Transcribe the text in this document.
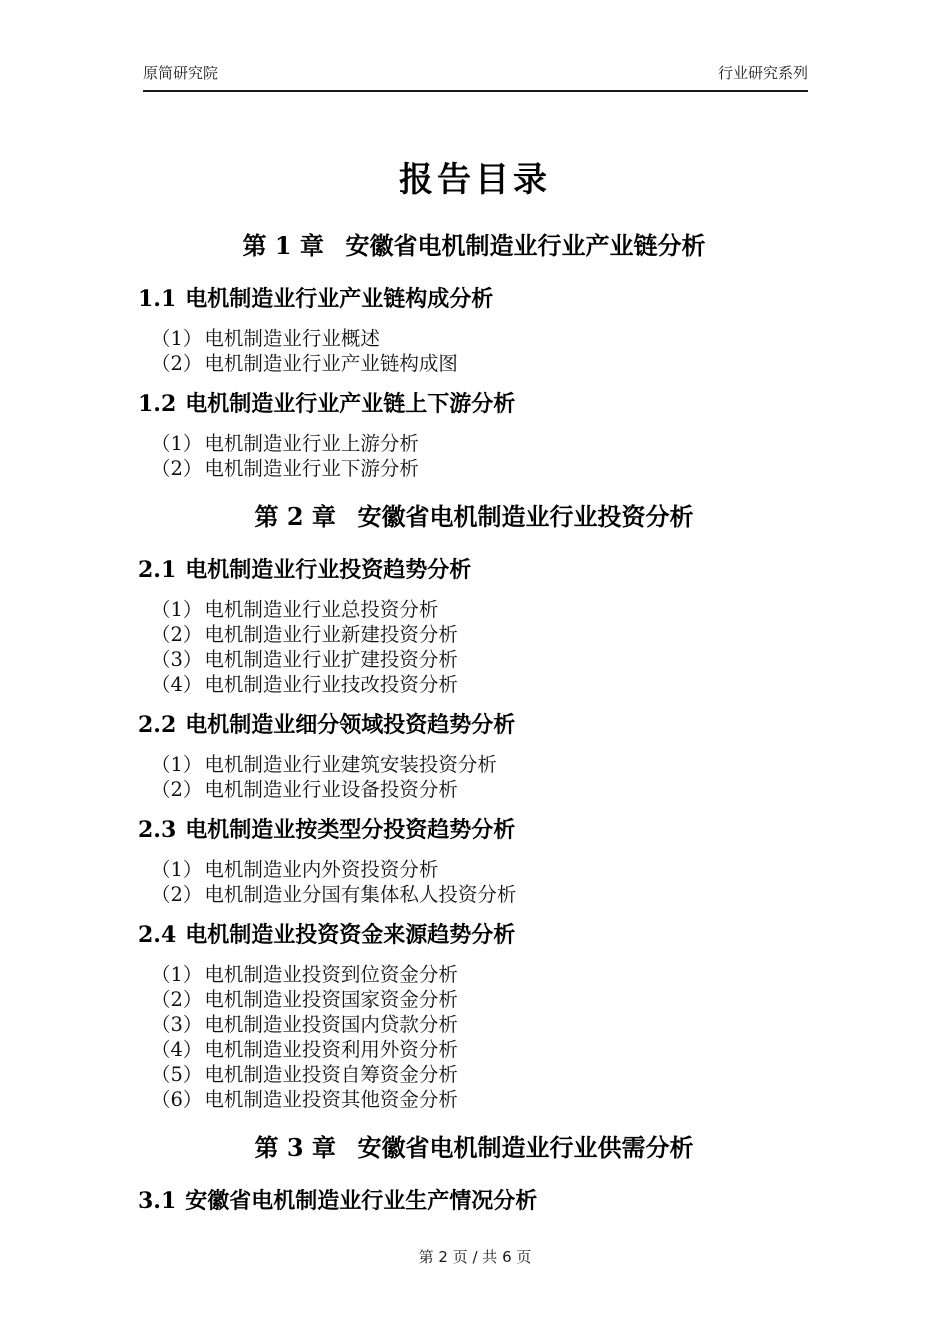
原简研究院	行业研究系列
报告目录
第 1 章 安徽省电机制造业行业产业链分析
1.1 电机制造业行业产业链构成分析
（1） 电机制造业行业概述
（2） 电机制造业行业产业链构成图
1.2 电机制造业行业产业链上下游分析
（1） 电机制造业行业上游分析
（2） 电机制造业行业下游分析
第 2 章 安徽省电机制造业行业投资分析
2.1 电机制造业行业投资趋势分析
（1） 电机制造业行业总投资分析
（2） 电机制造业行业新建投资分析
（3） 电机制造业行业扩建投资分析
（4） 电机制造业行业技改投资分析
2.2 电机制造业细分领域投资趋势分析
（1） 电机制造业行业建筑安装投资分析
（2） 电机制造业行业设备投资分析
2.3 电机制造业按类型分投资趋势分析
（1） 电机制造业内外资投资分析
（2） 电机制造业分国有集体私人投资分析
2.4 电机制造业投资资金来源趋势分析
（1） 电机制造业投资到位资金分析
（2） 电机制造业投资国家资金分析
（3） 电机制造业投资国内贷款分析
（4） 电机制造业投资利用外资分析
（5） 电机制造业投资自筹资金分析
（6） 电机制造业投资其他资金分析
第 3 章 安徽省电机制造业行业供需分析
3.1 安徽省电机制造业行业生产情况分析
第 2 页 / 共 6 页
